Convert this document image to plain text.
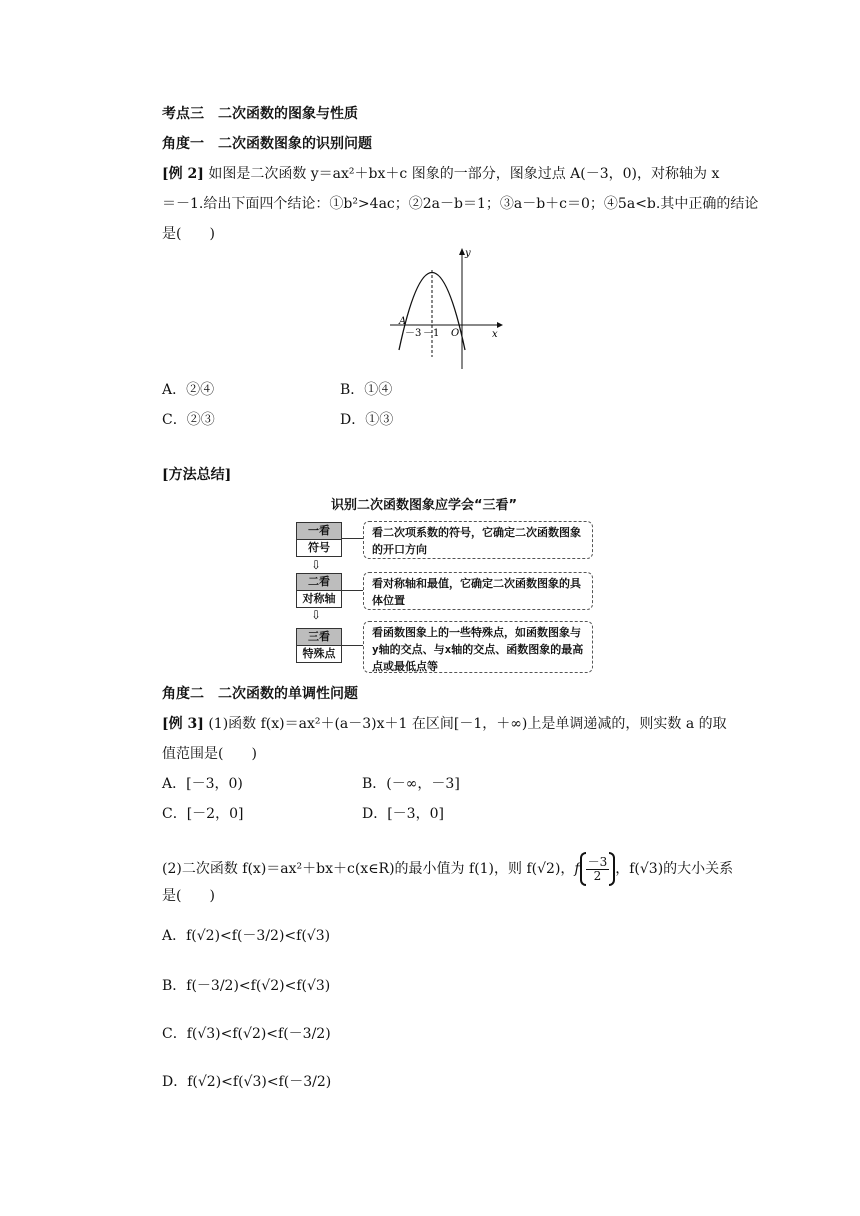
考点三　二次函数的图象与性质
角度一　二次函数图象的识别问题
[例 2] 如图是二次函数 y＝ax²＋bx＋c 图象的一部分，图象过点 A(－3，0)，对称轴为 x
＝－1.给出下面四个结论：①b²>4ac；②2a－b＝1；③a－b＋c＝0；④5a<b.其中正确的结论
是(　　)
y
x
A
－3 －1 O
A．②④	B．①④
C．②③	D．①③
[方法总结]
识别二次函数图象应学会“三看”
一看
符号
看二次项系数的符号，它确定二次函数图象的开口方向
⇩
二看
对称轴
看对称轴和最值，它确定二次函数图象的具体位置
⇩
三看
特殊点
看函数图象上的一些特殊点，如函数图象与y轴的交点、与x轴的交点、函数图象的最高点或最低点等
角度二　二次函数的单调性问题
[例 3] (1)函数 f(x)＝ax²＋(a－3)x＋1 在区间[－1，＋∞)上是单调递减的，则实数 a 的取
值范围是(　　)
A．[－3，0)	B．(－∞，－3]
C．[－2，0]	D．[－3，0]
(2)二次函数 f(x)＝ax²＋bx＋c(x∈R)的最小值为 f(1)，则 f(√2)，f $\frac{-3}{2}$ ，f(√3)的大小关系
是(　　)
A．f(√2)<f(－3/2)<f(√3)
B．f(－3/2)<f(√2)<f(√3)
C．f(√3)<f(√2)<f(－3/2)
D．f(√2)<f(√3)<f(－3/2)
